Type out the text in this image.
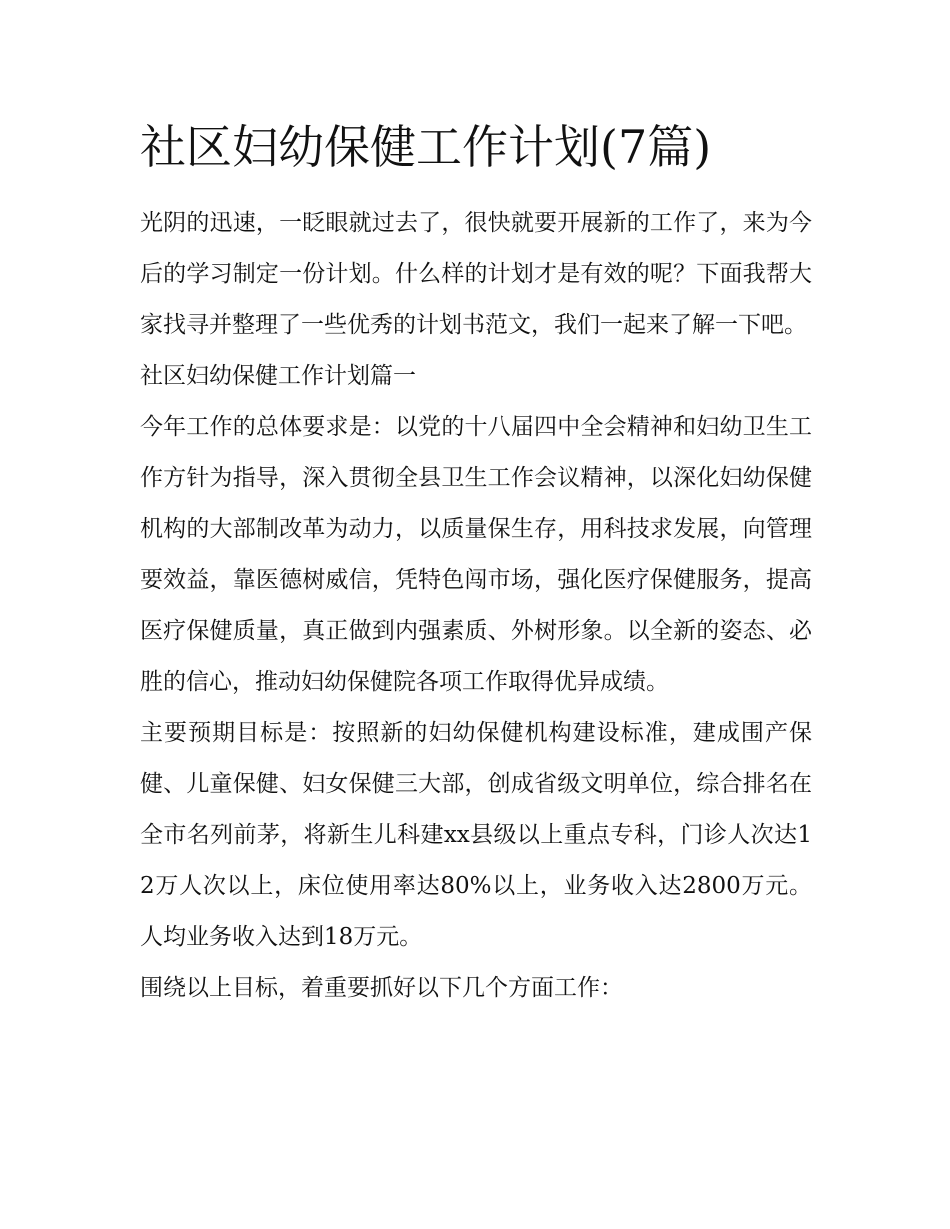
社区妇幼保健工作计划(7篇)

光阴的迅速，一眨眼就过去了，很快就要开展新的工作了，来为今后的学习制定一份计划。什么样的计划才是有效的呢？下面我帮大家找寻并整理了一些优秀的计划书范文，我们一起来了解一下吧。

社区妇幼保健工作计划篇一

今年工作的总体要求是：以党的十八届四中全会精神和妇幼卫生工作方针为指导，深入贯彻全县卫生工作会议精神，以深化妇幼保健机构的大部制改革为动力，以质量保生存，用科技求发展，向管理要效益，靠医德树威信，凭特色闯市场，强化医疗保健服务，提高医疗保健质量，真正做到内强素质、外树形象。以全新的姿态、必胜的信心，推动妇幼保健院各项工作取得优异成绩。

主要预期目标是：按照新的妇幼保健机构建设标准，建成围产保健、儿童保健、妇女保健三大部，创成省级文明单位，综合排名在全市名列前茅，将新生儿科建xx县级以上重点专科，门诊人次达12万人次以上，床位使用率达80%以上，业务收入达2800万元。人均业务收入达到18万元。

围绕以上目标，着重要抓好以下几个方面工作：
